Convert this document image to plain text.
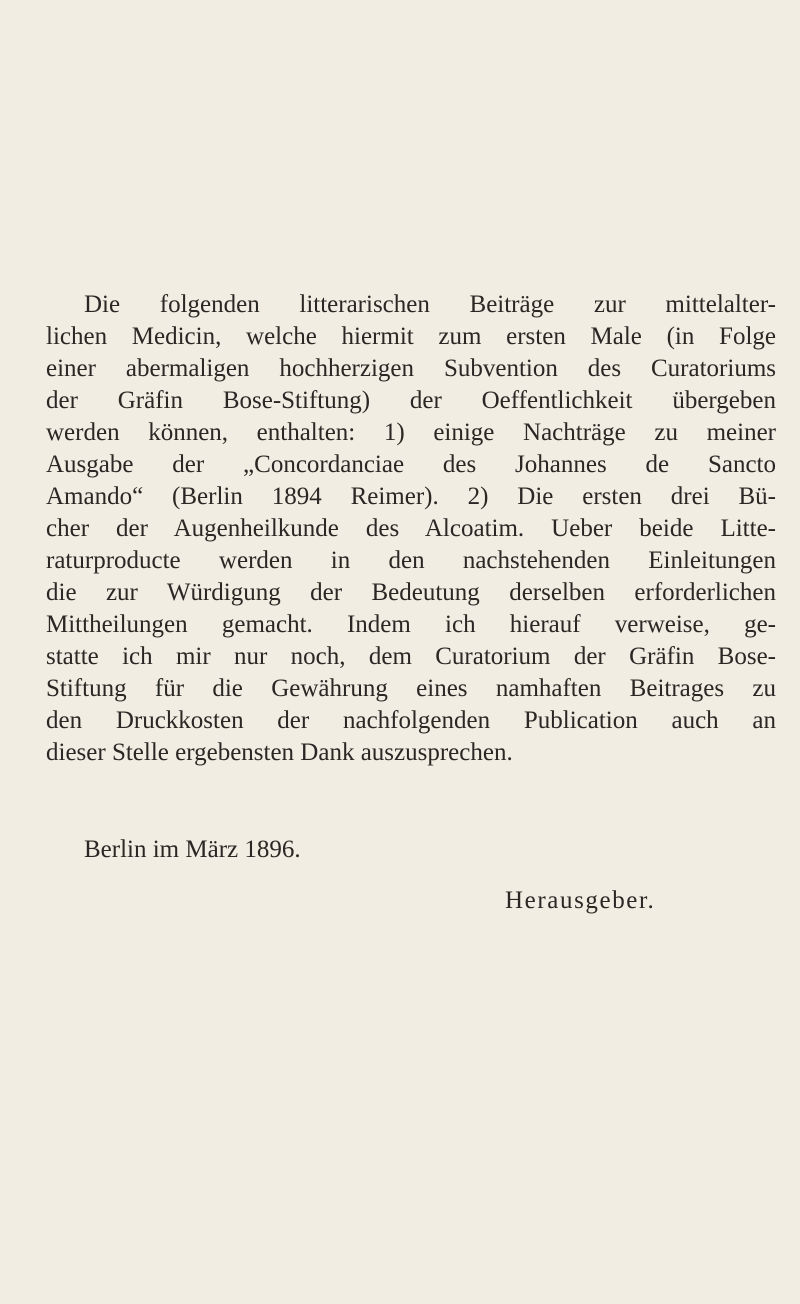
Die folgenden litterarischen Beiträge zur mittelalter-
lichen Medicin, welche hiermit zum ersten Male (in Folge
einer abermaligen hochherzigen Subvention des Curatoriums
der Gräfin Bose-Stiftung) der Oeffentlichkeit übergeben
werden können, enthalten: 1) einige Nachträge zu meiner
Ausgabe der „Concordanciae des Johannes de Sancto
Amando“ (Berlin 1894 Reimer). 2) Die ersten drei Bü-
cher der Augenheilkunde des Alcoatim. Ueber beide Litte-
raturproducte werden in den nachstehenden Einleitungen
die zur Würdigung der Bedeutung derselben erforderlichen
Mittheilungen gemacht. Indem ich hierauf verweise, ge-
statte ich mir nur noch, dem Curatorium der Gräfin Bose-
Stiftung für die Gewährung eines namhaften Beitrages zu
den Druckkosten der nachfolgenden Publication auch an
dieser Stelle ergebensten Dank auszusprechen.
Berlin im März 1896.
Herausgeber.
